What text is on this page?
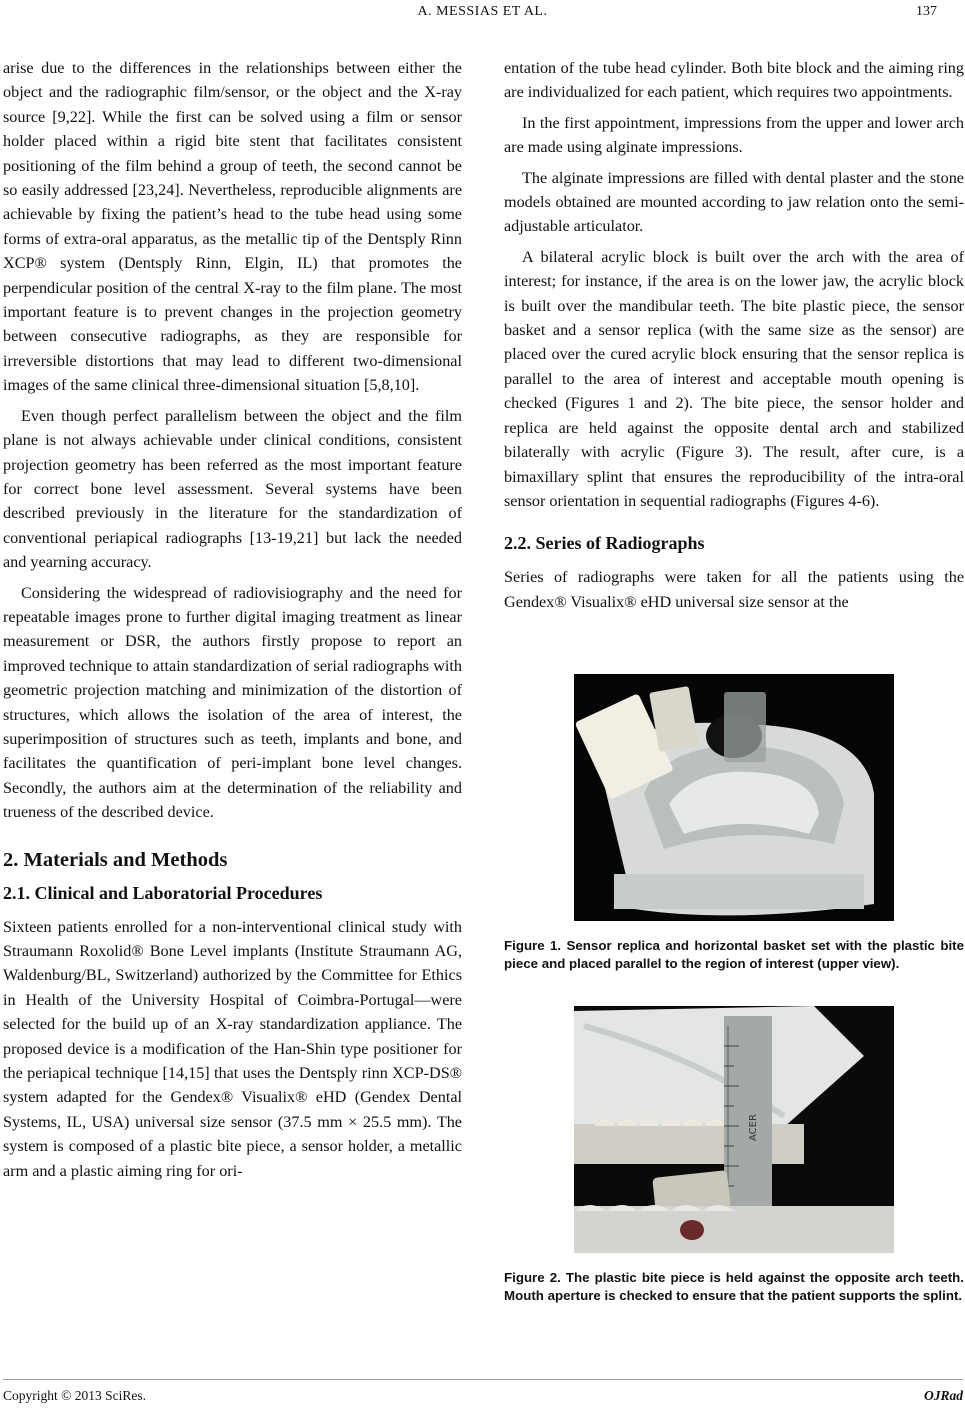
A. MESSIAS ET AL.	137

arise due to the differences in the relationships between either the object and the radiographic film/sensor, or the object and the X-ray source [9,22]. While the first can be solved using a film or sensor holder placed within a rigid bite stent that facilitates consistent positioning of the film behind a group of teeth, the second cannot be so easily addressed [23,24]. Nevertheless, reproducible alignments are achievable by fixing the patient’s head to the tube head using some forms of extra-oral apparatus, as the metallic tip of the Dentsply Rinn XCP® system (Dentsply Rinn, Elgin, IL) that promotes the perpendicular position of the central X-ray to the film plane. The most important feature is to prevent changes in the projection geometry between consecutive radiographs, as they are responsible for irreversible distortions that may lead to different two-dimensional images of the same clinical three-dimensional situation [5,8,10].

Even though perfect parallelism between the object and the film plane is not always achievable under clinical conditions, consistent projection geometry has been referred as the most important feature for correct bone level assessment. Several systems have been described previously in the literature for the standardization of conventional periapical radiographs [13-19,21] but lack the needed and yearning accuracy.

Considering the widespread of radiovisiography and the need for repeatable images prone to further digital imaging treatment as linear measurement or DSR, the authors firstly propose to report an improved technique to attain standardization of serial radiographs with geometric projection matching and minimization of the distortion of structures, which allows the isolation of the area of interest, the superimposition of structures such as teeth, implants and bone, and facilitates the quantification of peri-implant bone level changes. Secondly, the authors aim at the determination of the reliability and trueness of the described device.

2. Materials and Methods
2.1. Clinical and Laboratorial Procedures

Sixteen patients enrolled for a non-interventional clinical study with Straumann Roxolid® Bone Level implants (Institute Straumann AG, Waldenburg/BL, Switzerland) authorized by the Committee for Ethics in Health of the University Hospital of Coimbra-Portugal—were selected for the build up of an X-ray standardization appliance. The proposed device is a modification of the Han-Shin type positioner for the periapical technique [14,15] that uses the Dentsply rinn XCP-DS® system adapted for the Gendex® Visualix® eHD (Gendex Dental Systems, IL, USA) universal size sensor (37.5 mm × 25.5 mm). The system is composed of a plastic bite piece, a sensor holder, a metallic arm and a plastic aiming ring for ori-

entation of the tube head cylinder. Both bite block and the aiming ring are individualized for each patient, which requires two appointments.

In the first appointment, impressions from the upper and lower arch are made using alginate impressions.

The alginate impressions are filled with dental plaster and the stone models obtained are mounted according to jaw relation onto the semi-adjustable articulator.

A bilateral acrylic block is built over the arch with the area of interest; for instance, if the area is on the lower jaw, the acrylic block is built over the mandibular teeth. The bite plastic piece, the sensor basket and a sensor replica (with the same size as the sensor) are placed over the cured acrylic block ensuring that the sensor replica is parallel to the area of interest and acceptable mouth opening is checked (Figures 1 and 2). The bite piece, the sensor holder and replica are held against the opposite dental arch and stabilized bilaterally with acrylic (Figure 3). The result, after cure, is a bimaxillary splint that ensures the reproducibility of the intra-oral sensor orientation in sequential radiographs (Figures 4-6).

2.2. Series of Radiographs

Series of radiographs were taken for all the patients using the Gendex® Visualix® eHD universal size sensor at the

Figure 1. Sensor replica and horizontal basket set with the plastic bite piece and placed parallel to the region of interest (upper view).
ACER
Figure 2. The plastic bite piece is held against the opposite arch teeth. Mouth aperture is checked to ensure that the patient supports the splint.
Copyright © 2013 SciRes.	OJRad
